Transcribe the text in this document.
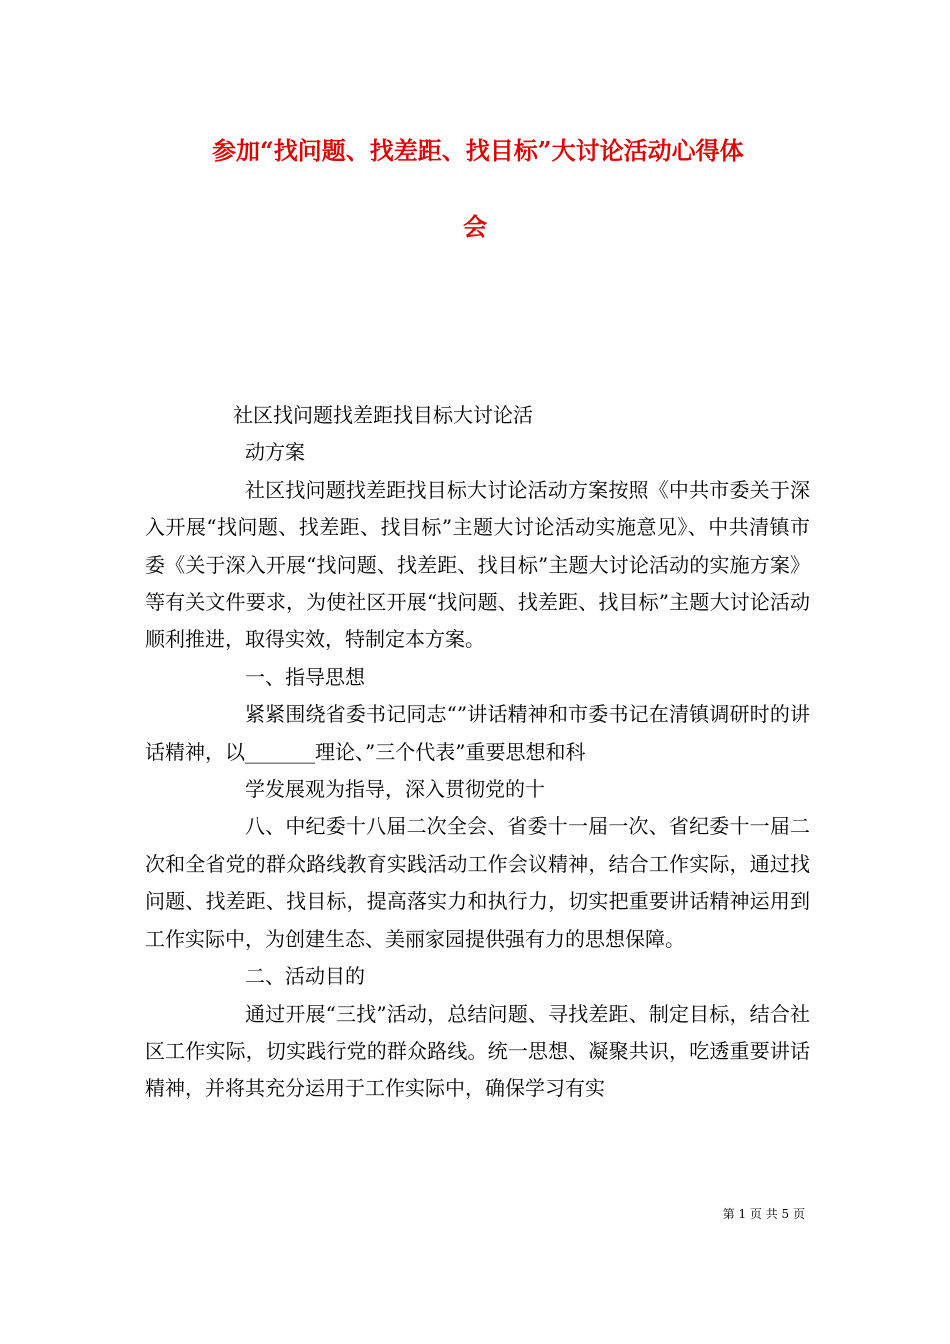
参加“找问题、找差距、找目标”大讨论活动心得体
会

社区找问题找差距找目标大讨论活

动方案

社区找问题找差距找目标大讨论活动方案按照《中共市委关于深入开展“找问题、找差距、找目标”主题大讨论活动实施意见》、中共清镇市委《关于深入开展“找问题、找差距、找目标”主题大讨论活动的实施方案》等有关文件要求，为使社区开展“找问题、找差距、找目标”主题大讨论活动顺利推进，取得实效，特制定本方案。

一、指导思想

紧紧围绕省委书记同志“”讲话精神和市委书记在清镇调研时的讲话精神，以_______理论、”三个代表”重要思想和科

学发展观为指导，深入贯彻党的十

八、中纪委十八届二次全会、省委十一届一次、省纪委十一届二次和全省党的群众路线教育实践活动工作会议精神，结合工作实际，通过找问题、找差距、找目标，提高落实力和执行力，切实把重要讲话精神运用到工作实际中，为创建生态、美丽家园提供强有力的思想保障。

二、活动目的

通过开展“三找”活动，总结问题、寻找差距、制定目标，结合社区工作实际，切实践行党的群众路线。统一思想、凝聚共识，吃透重要讲话精神，并将其充分运用于工作实际中，确保学习有实

第 1 页 共 5 页
